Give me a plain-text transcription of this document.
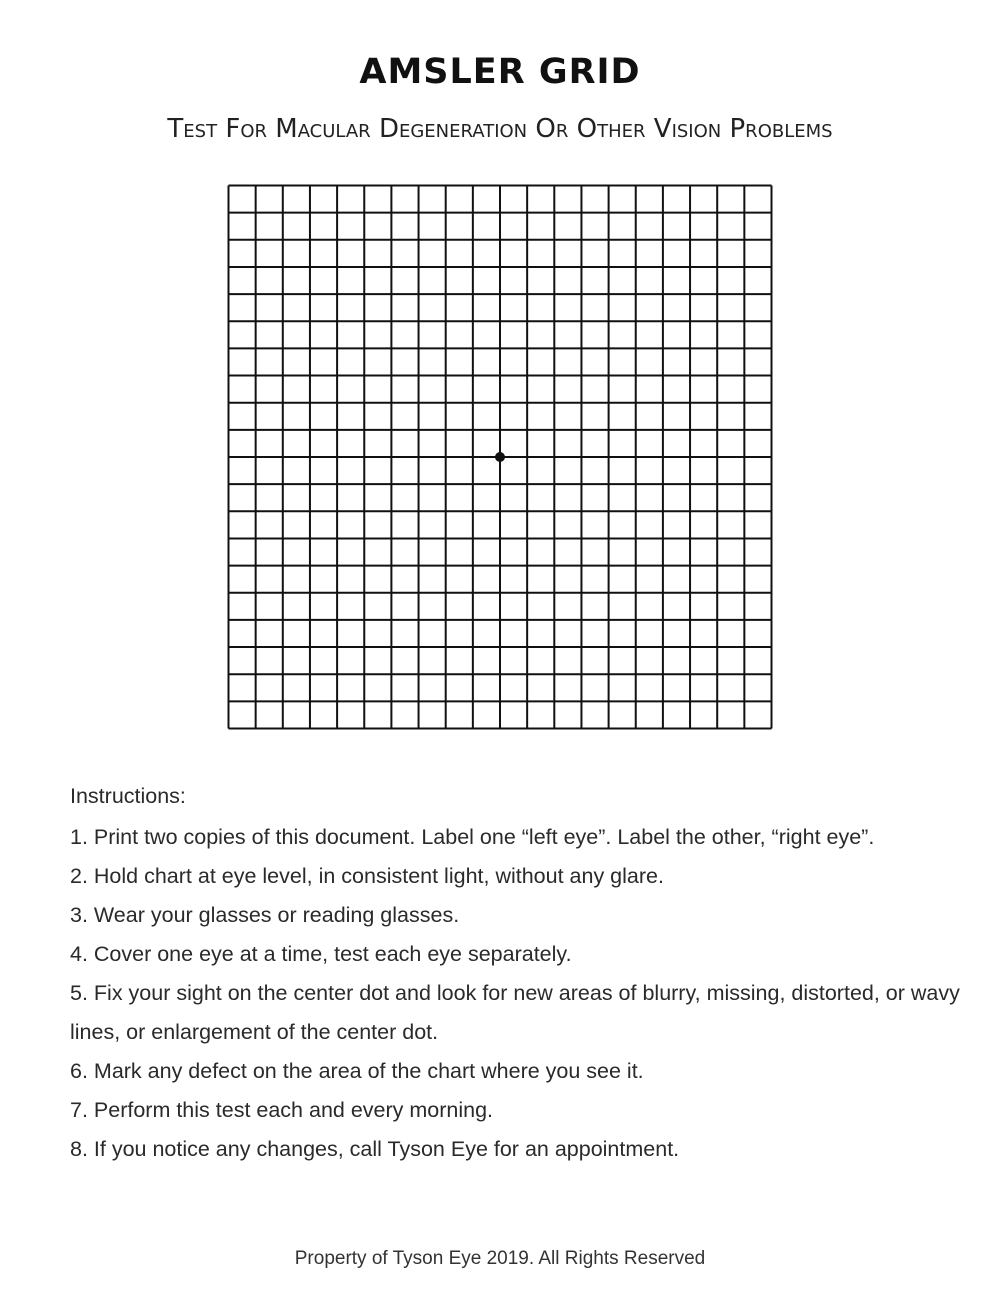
AMSLER GRID

Test For Macular Degeneration Or Other Vision Problems

Instructions:
1. Print two copies of this document. Label one “left eye”. Label the other, “right eye”.
2. Hold chart at eye level, in consistent light, without any glare.
3. Wear your glasses or reading glasses.
4. Cover one eye at a time, test each eye separately.
5. Fix your sight on the center dot and look for new areas of blurry, missing, distorted, or wavy lines, or enlargement of the center dot.
6. Mark any defect on the area of the chart where you see it.
7. Perform this test each and every morning.
8. If you notice any changes, call Tyson Eye for an appointment.
Property of Tyson Eye 2019. All Rights Reserved
